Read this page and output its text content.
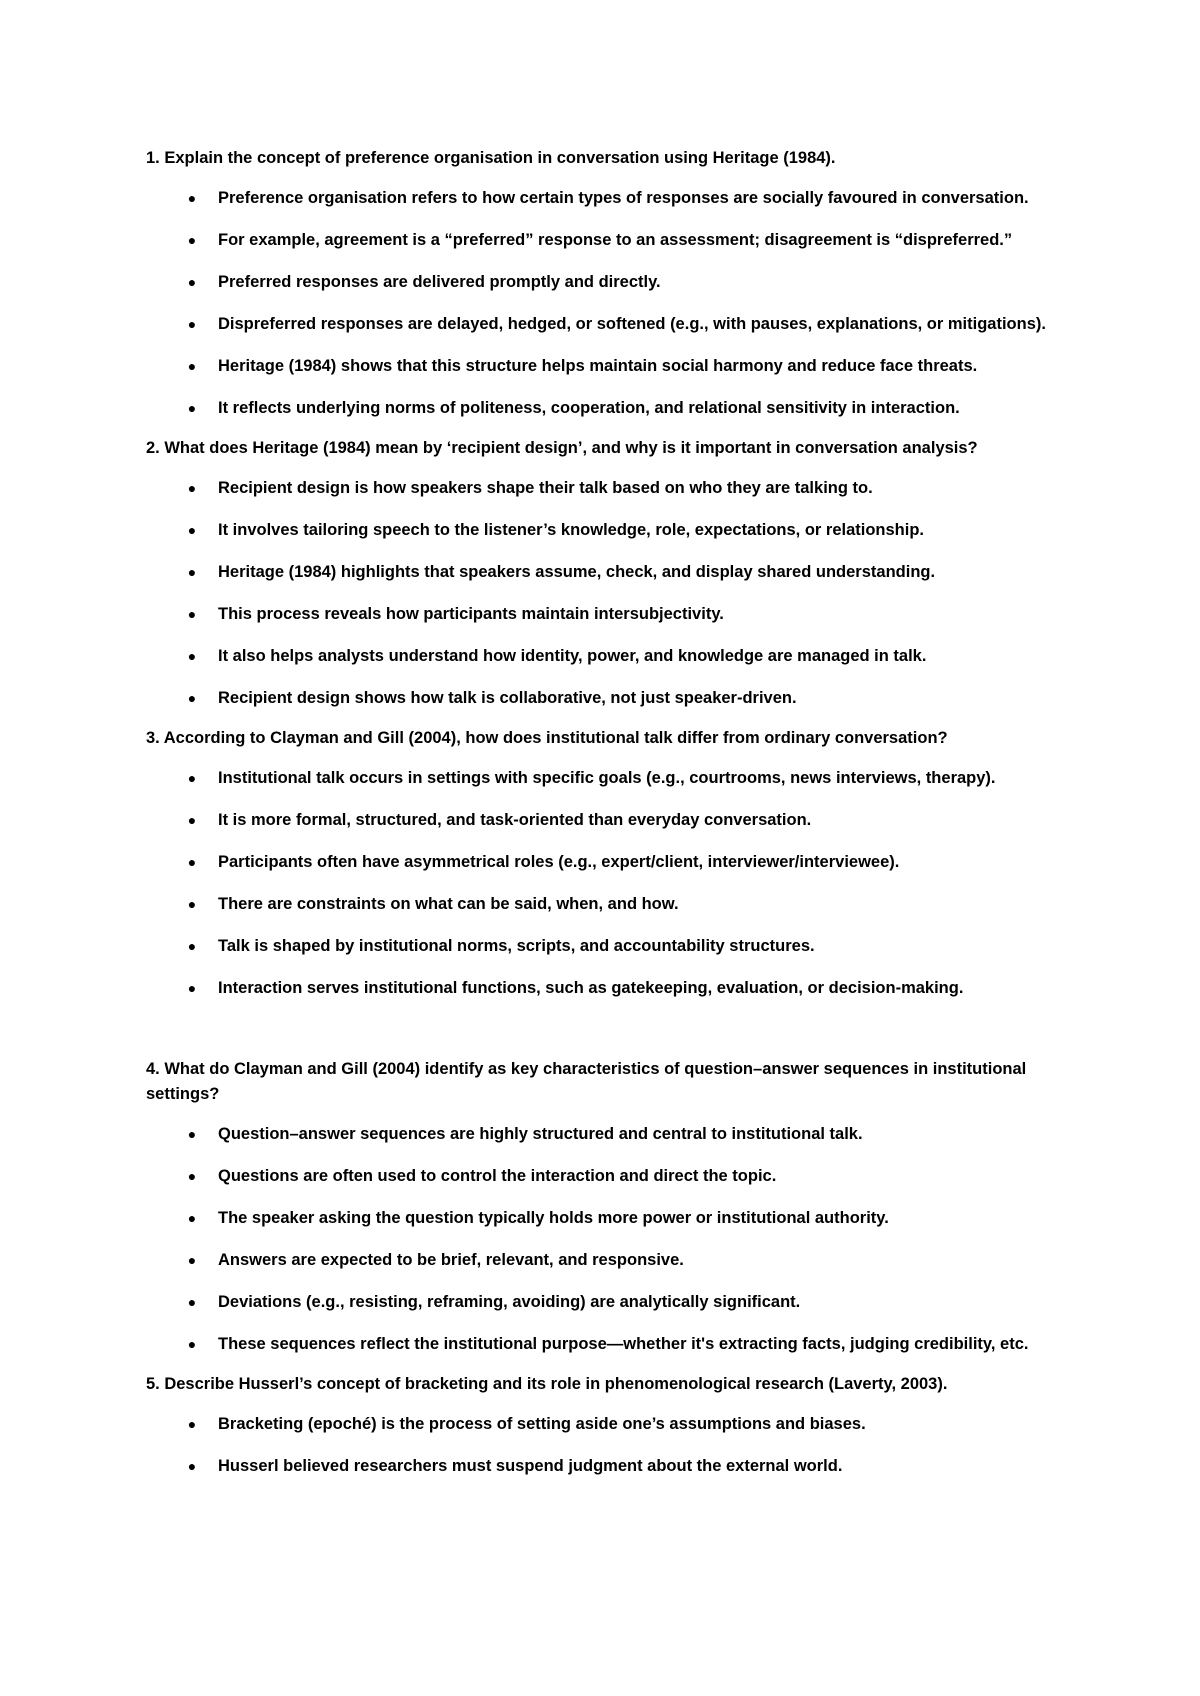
1. Explain the concept of preference organisation in conversation using Heritage (1984).

● Preference organisation refers to how certain types of responses are socially favoured in conversation.
● For example, agreement is a “preferred” response to an assessment; disagreement is “dispreferred.”
● Preferred responses are delivered promptly and directly.
● Dispreferred responses are delayed, hedged, or softened (e.g., with pauses, explanations, or mitigations).
● Heritage (1984) shows that this structure helps maintain social harmony and reduce face threats.
● It reflects underlying norms of politeness, cooperation, and relational sensitivity in interaction.

2. What does Heritage (1984) mean by ‘recipient design’, and why is it important in conversation analysis?

● Recipient design is how speakers shape their talk based on who they are talking to.
● It involves tailoring speech to the listener’s knowledge, role, expectations, or relationship.
● Heritage (1984) highlights that speakers assume, check, and display shared understanding.
● This process reveals how participants maintain intersubjectivity.
● It also helps analysts understand how identity, power, and knowledge are managed in talk.
● Recipient design shows how talk is collaborative, not just speaker-driven.

3. According to Clayman and Gill (2004), how does institutional talk differ from ordinary conversation?

● Institutional talk occurs in settings with specific goals (e.g., courtrooms, news interviews, therapy).
● It is more formal, structured, and task-oriented than everyday conversation.
● Participants often have asymmetrical roles (e.g., expert/client, interviewer/interviewee).
● There are constraints on what can be said, when, and how.
● Talk is shaped by institutional norms, scripts, and accountability structures.
● Interaction serves institutional functions, such as gatekeeping, evaluation, or decision-making.

4. What do Clayman and Gill (2004) identify as key characteristics of question–answer sequences in institutional settings?

● Question–answer sequences are highly structured and central to institutional talk.
● Questions are often used to control the interaction and direct the topic.
● The speaker asking the question typically holds more power or institutional authority.
● Answers are expected to be brief, relevant, and responsive.
● Deviations (e.g., resisting, reframing, avoiding) are analytically significant.
● These sequences reflect the institutional purpose—whether it's extracting facts, judging credibility, etc.

5. Describe Husserl’s concept of bracketing and its role in phenomenological research (Laverty, 2003).

● Bracketing (epoché) is the process of setting aside one’s assumptions and biases.
● Husserl believed researchers must suspend judgment about the external world.
